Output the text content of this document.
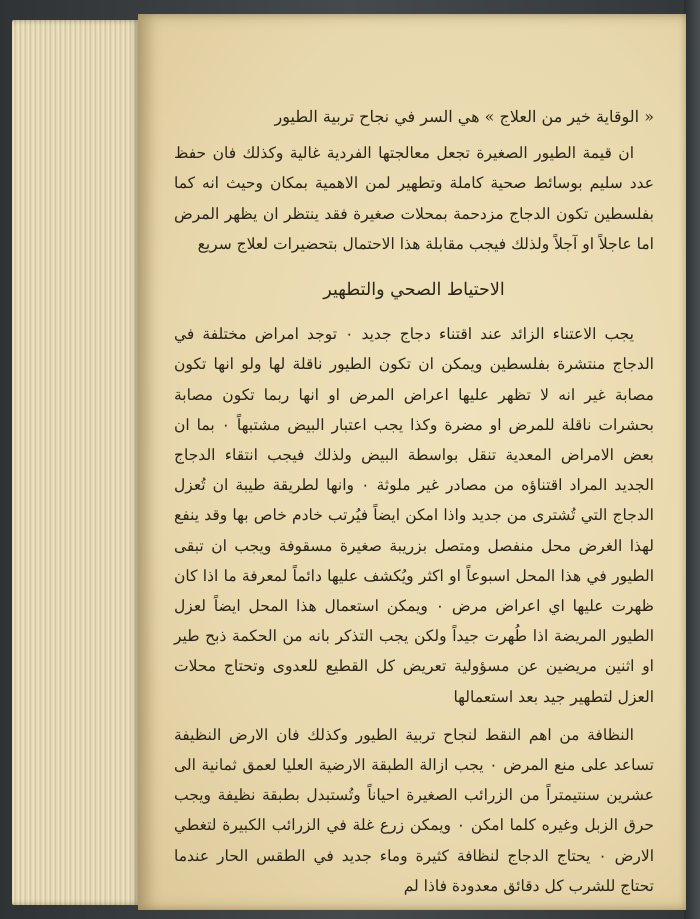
« الوقاية خير من العلاج » هي السر في نجاح تربية الطيور

ان قيمة الطيور الصغيرة تجعل معالجتها الفردية غالية وكذلك فان حفظ عدد سليم بوسائط صحية كاملة وتطهير لمن الاهمية بمكان وحيث انه كما بفلسطين تكون الدجاج مزدحمة بمحلات صغيرة فقد ينتظر ان يظهر المرض اما عاجلاً او آجلاً ولذلك فيجب مقابلة هذا الاحتمال بتحضيرات لعلاج سريع

الاحتياط الصحي والتطهير

يجب الاعتناء الزائد عند اقتناء دجاج جديد ٠ توجد امراض مختلفة في الدجاج منتشرة بفلسطين ويمكن ان تكون الطيور ناقلة لها ولو انها تكون مصابة غير انه لا تظهر عليها اعراض المرض او انها ربما تكون مصابة بحشرات ناقلة للمرض او مضرة وكذا يجب اعتبار البيض مشتبهاً ٠ بما ان بعض الامراض المعدية تنقل بواسطة البيض ولذلك فيجب انتقاء الدجاج الجديد المراد اقتناؤه من مصادر غير ملوثة ٠ وانها لطريقة طيبة ان تُعزل الدجاج التي تُشترى من جديد واذا امكن ايضاً فيُرتب خادم خاص بها وقد ينفع لهذا الغرض محل منفصل ومتصل بزريبة صغيرة مسقوفة ويجب ان تبقى الطيور في هذا المحل اسبوعاً او اكثر ويُكشف عليها دائماً لمعرفة ما اذا كان ظهرت عليها اي اعراض مرض ٠ ويمكن استعمال هذا المحل ايضاً لعزل الطيور المريضة اذا طُهرت جيداً ولكن يجب التذكر بانه من الحكمة ذبح طير او اثنين مريضين عن مسؤولية تعريض كل القطيع للعدوى وتحتاج محلات العزل لتطهير جيد بعد استعمالها

النظافة من اهم النقط لنجاح تربية الطيور وكذلك فان الارض النظيفة تساعد على منع المرض ٠ يجب ازالة الطبقة الارضية العليا لعمق ثمانية الى عشرين سنتيمتراً من الزرائب الصغيرة احياناً وتُستبدل بطبقة نظيفة ويجب حرق الزبل وغيره كلما امكن ٠ ويمكن زرع غلة في الزرائب الكبيرة لتغطي الارض ٠ يحتاج الدجاج لنظافة كثيرة وماء جديد في الطقس الحار عندما تحتاج للشرب كل دقائق معدودة فاذا لم
